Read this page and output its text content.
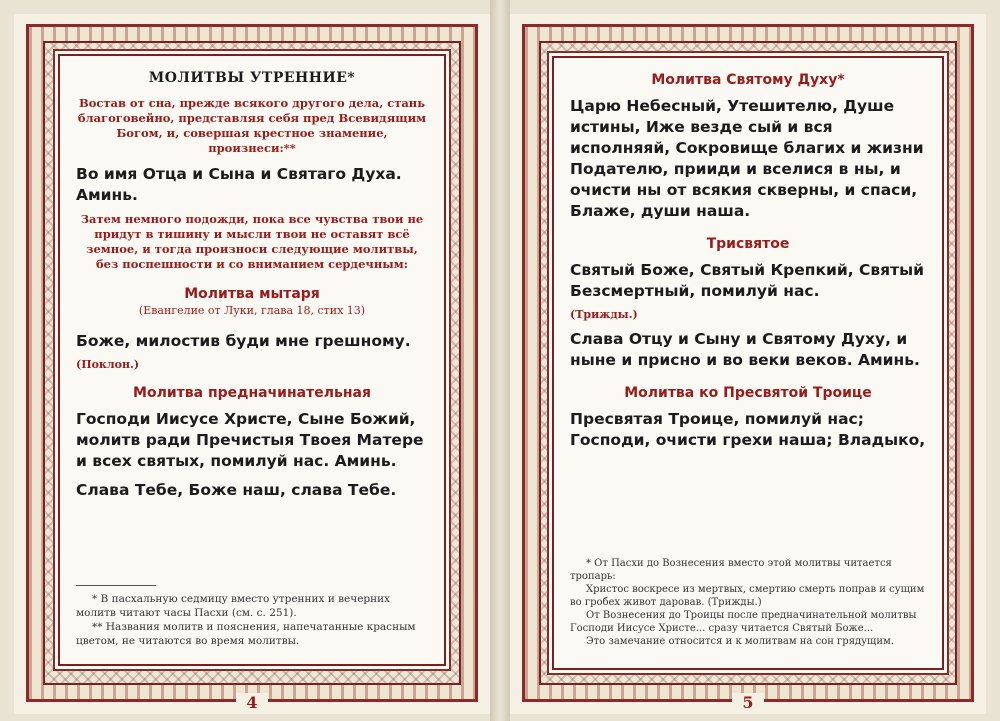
МОЛИТВЫ УТРЕННИЕ*
Востав от сна, прежде всякого другого дела, стань благоговейно, представляя себя пред Всевидящим Богом, и, совершая крестное знамение, произнеси:**
Во имя Отца и Сына и Святаго Духа. Аминь.
Затем немного подожди, пока все чувства твои не придут в тишину и мысли твои не оставят всё земное, и тогда произноси следующие молитвы, без поспешности и со вниманием сердечным:
Молитва мытаря
(Евангелие от Луки, глава 18, стих 13)
Боже, милостив буди мне грешному.
(Поклон.)
Молитва предначинательная
Господи Иисусе Христе, Сыне Божий, молитв ради Пречистыя Твоея Матере и всех святых, помилуй нас. Аминь.
Слава Тебе, Боже наш, слава Тебе.

* В пасхальную седмицу вместо утренних и вечерних молитв читают часы Пасхи (см. с. 251).

** Названия молитв и пояснения, напечатанные красным цветом, не читаются во время молитвы.

4
Молитва Святому Духу*
Царю Небесный, Утешителю, Душе истины, Иже везде сый и вся исполняяй, Сокровище благих и жизни Подателю, прииди и вселися в ны, и очисти ны от всякия скверны, и спаси, Блаже, души наша.
Трисвятое
Святый Боже, Святый Крепкий, Святый Безсмертный, помилуй нас.
(Трижды.)
Слава Отцу и Сыну и Святому Духу, и ныне и присно и во веки веков. Аминь.
Молитва ко Пресвятой Троице
Пресвятая Троице, помилуй нас; Господи, очисти грехи наша; Владыко,

* От Пасхи до Вознесения вместо этой молитвы читается тропарь:

Христос воскресе из мертвых, смертию смерть поправ и сущим во гробех живот даровав. (Трижды.)

От Вознесения до Троицы после предначинательной молитвы Господи Иисусе Христе... сразу читается Святый Боже...

Это замечание относится и к молитвам на сон грядущим.

5
